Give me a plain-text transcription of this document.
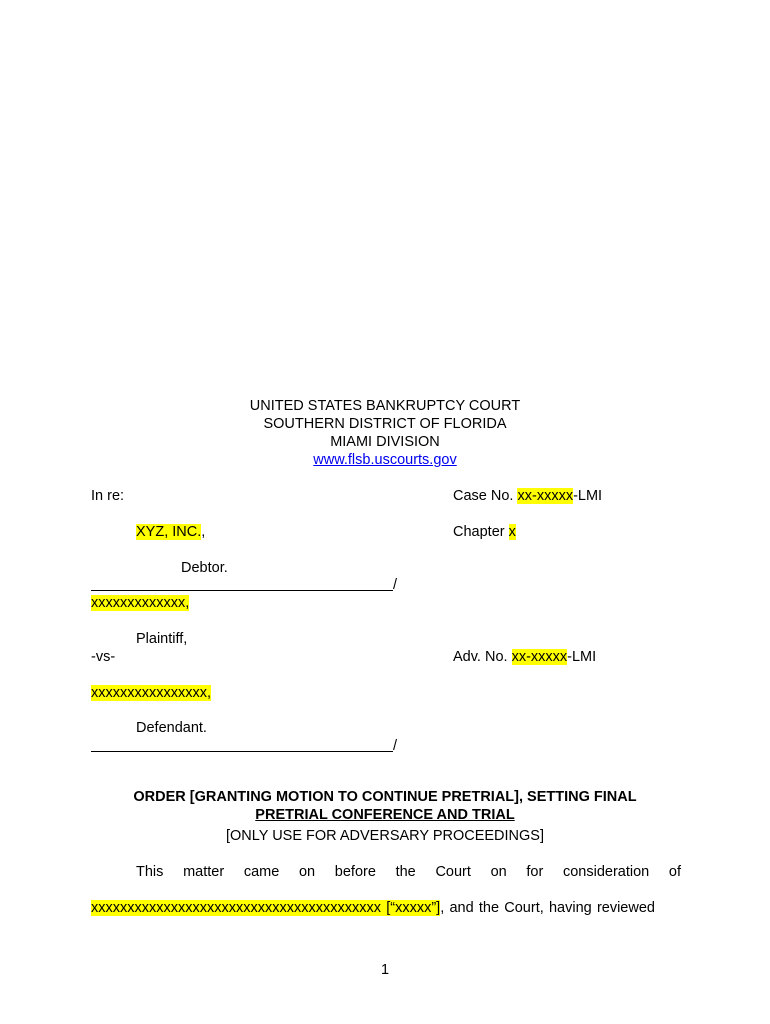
UNITED STATES BANKRUPTCY COURT
SOUTHERN DISTRICT OF FLORIDA
MIAMI DIVISION
www.flsb.uscourts.gov
In re:
XYZ, INC.,
Debtor.
/
xxxxxxxxxxxxx,
Plaintiff,
-vs-
xxxxxxxxxxxxxxxx,
Defendant.
/
Case No. xx-xxxxx-LMI
Chapter x
Adv. No. xx-xxxxx-LMI
ORDER [GRANTING MOTION TO CONTINUE PRETRIAL], SETTING FINAL
PRETRIAL CONFERENCE AND TRIAL
[ONLY USE FOR ADVERSARY PROCEEDINGS]
This matter came on before the Court on for consideration of
xxxxxxxxxxxxxxxxxxxxxxxxxxxxxxxxxxxxxxxx [“xxxxx”], and the Court, having reviewed
1
